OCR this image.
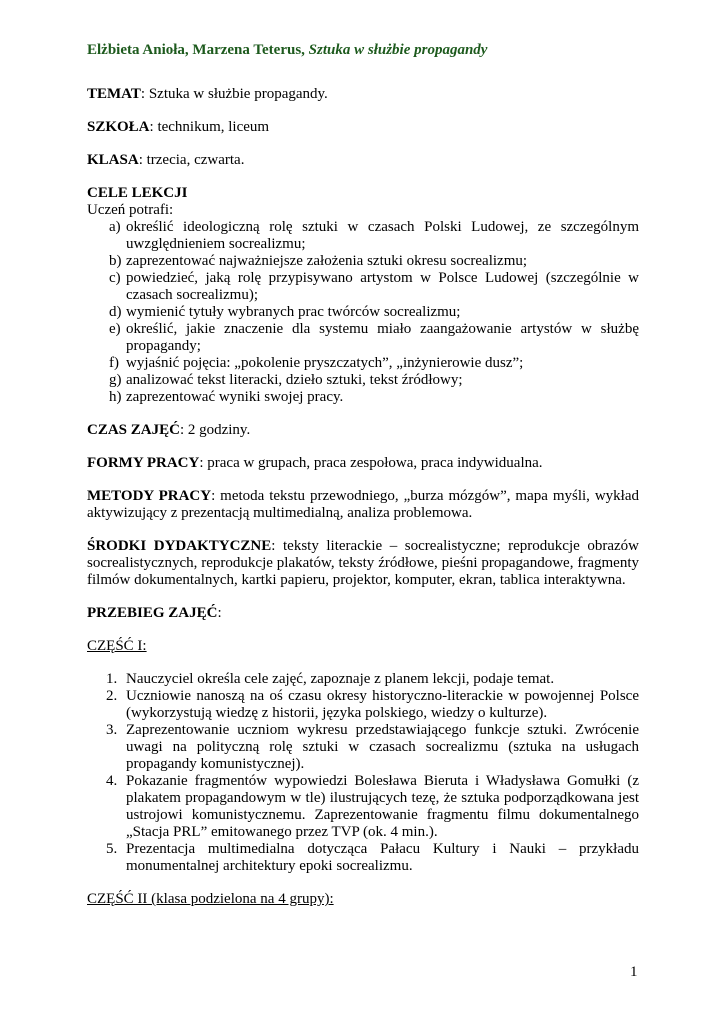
Elżbieta Anioła, Marzena Teterus, Sztuka w służbie propagandy

TEMAT: Sztuka w służbie propagandy.

SZKOŁA: technikum, liceum

KLASA: trzecia, czwarta.

CELE LEKCJI
Uczeń potrafi:
a) określić ideologiczną rolę sztuki w czasach Polski Ludowej, ze szczególnym uwzględnieniem socrealizmu;
b) zaprezentować najważniejsze założenia sztuki okresu socrealizmu;
c) powiedzieć, jaką rolę przypisywano artystom w Polsce Ludowej (szczególnie w czasach socrealizmu);
d) wymienić tytuły wybranych prac twórców socrealizmu;
e) określić, jakie znaczenie dla systemu miało zaangażowanie artystów w służbę propagandy;
f) wyjaśnić pojęcia: „pokolenie pryszczatych”, „inżynierowie dusz”;
g) analizować tekst literacki, dzieło sztuki, tekst źródłowy;
h) zaprezentować wyniki swojej pracy.

CZAS ZAJĘĆ: 2 godziny.

FORMY PRACY: praca w grupach, praca zespołowa, praca indywidualna.

METODY PRACY: metoda tekstu przewodniego, „burza mózgów”, mapa myśli, wykład aktywizujący z prezentacją multimedialną, analiza problemowa.

ŚRODKI DYDAKTYCZNE: teksty literackie – socrealistyczne; reprodukcje obrazów socrealistycznych, reprodukcje plakatów, teksty źródłowe, pieśni propagandowe, fragmenty filmów dokumentalnych, kartki papieru, projektor, komputer, ekran, tablica interaktywna.

PRZEBIEG ZAJĘĆ:

CZĘŚĆ I:

1. Nauczyciel określa cele zajęć, zapoznaje z planem lekcji, podaje temat.
2. Uczniowie nanoszą na oś czasu okresy historyczno-literackie w powojennej Polsce (wykorzystują wiedzę z historii, języka polskiego, wiedzy o kulturze).
3. Zaprezentowanie uczniom wykresu przedstawiającego funkcje sztuki. Zwrócenie uwagi na polityczną rolę sztuki w czasach socrealizmu (sztuka na usługach propagandy komunistycznej).
4. Pokazanie fragmentów wypowiedzi Bolesława Bieruta i Władysława Gomułki (z plakatem propagandowym w tle) ilustrujących tezę, że sztuka podporządkowana jest ustrojowi komunistycznemu. Zaprezentowanie fragmentu filmu dokumentalnego „Stacja PRL” emitowanego przez TVP (ok. 4 min.).
5. Prezentacja multimedialna dotycząca Pałacu Kultury i Nauki – przykładu monumentalnej architektury epoki socrealizmu.

CZĘŚĆ II (klasa podzielona na 4 grupy):

1
